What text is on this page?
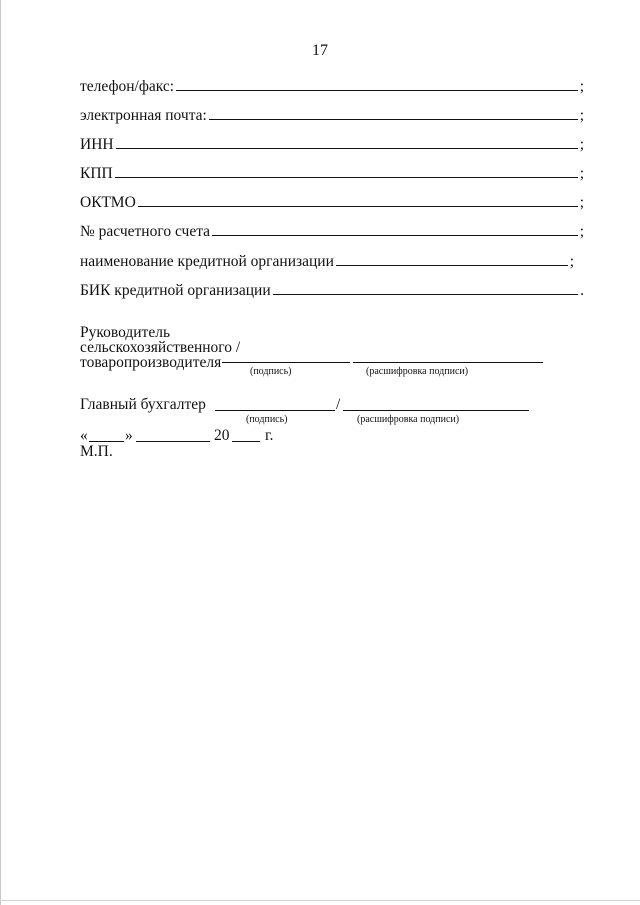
17
телефон/факс:	;
электронная почта:	;
ИНН	;
КПП	;
ОКТМО	;
№ расчетного счета	;
наименование кредитной организации	;
БИК кредитной организации	.
Руководитель
сельскохозяйственного /
товаропроизводителя
(подпись)	(расшифровка подписи)
Главный бухгалтер	/
(подпись)	(расшифровка подписи)
« »	20 г.
М.П.
